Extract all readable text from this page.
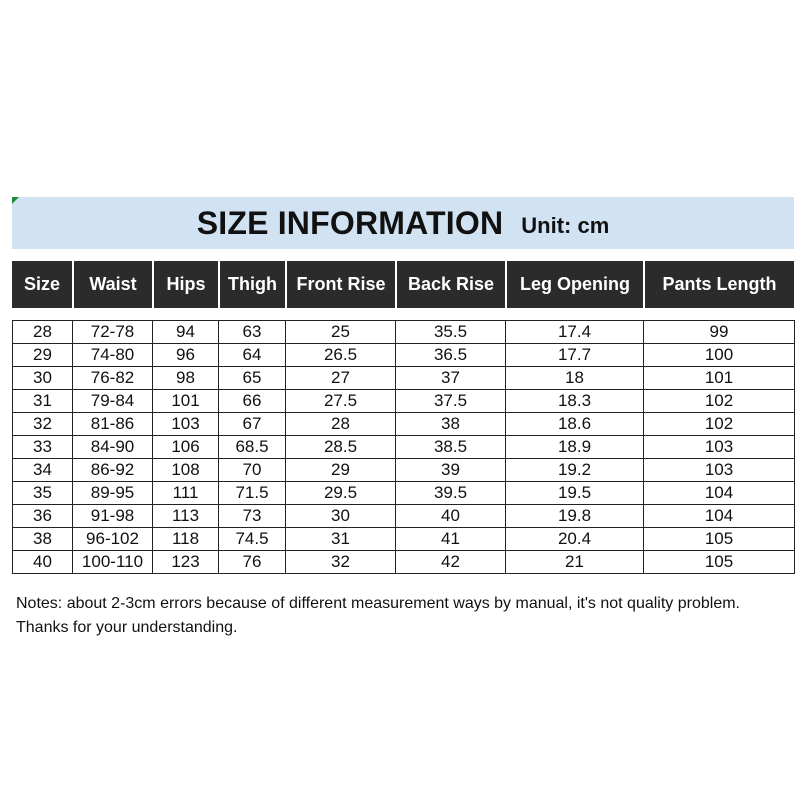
SIZE INFORMATION Unit: cm
Size	Waist	Hips	Thigh	Front Rise	Back Rise	Leg Opening	Pants Length
28	72-78	94	63	25	35.5	17.4	99
29	74-80	96	64	26.5	36.5	17.7	100
30	76-82	98	65	27	37	18	101
31	79-84	101	66	27.5	37.5	18.3	102
32	81-86	103	67	28	38	18.6	102
33	84-90	106	68.5	28.5	38.5	18.9	103
34	86-92	108	70	29	39	19.2	103
35	89-95	111	71.5	29.5	39.5	19.5	104
36	91-98	113	73	30	40	19.8	104
38	96-102	118	74.5	31	41	20.4	105
40	100-110	123	76	32	42	21	105
Notes: about 2-3cm errors because of different measurement ways by manual, it's not quality problem. Thanks for your understanding.
